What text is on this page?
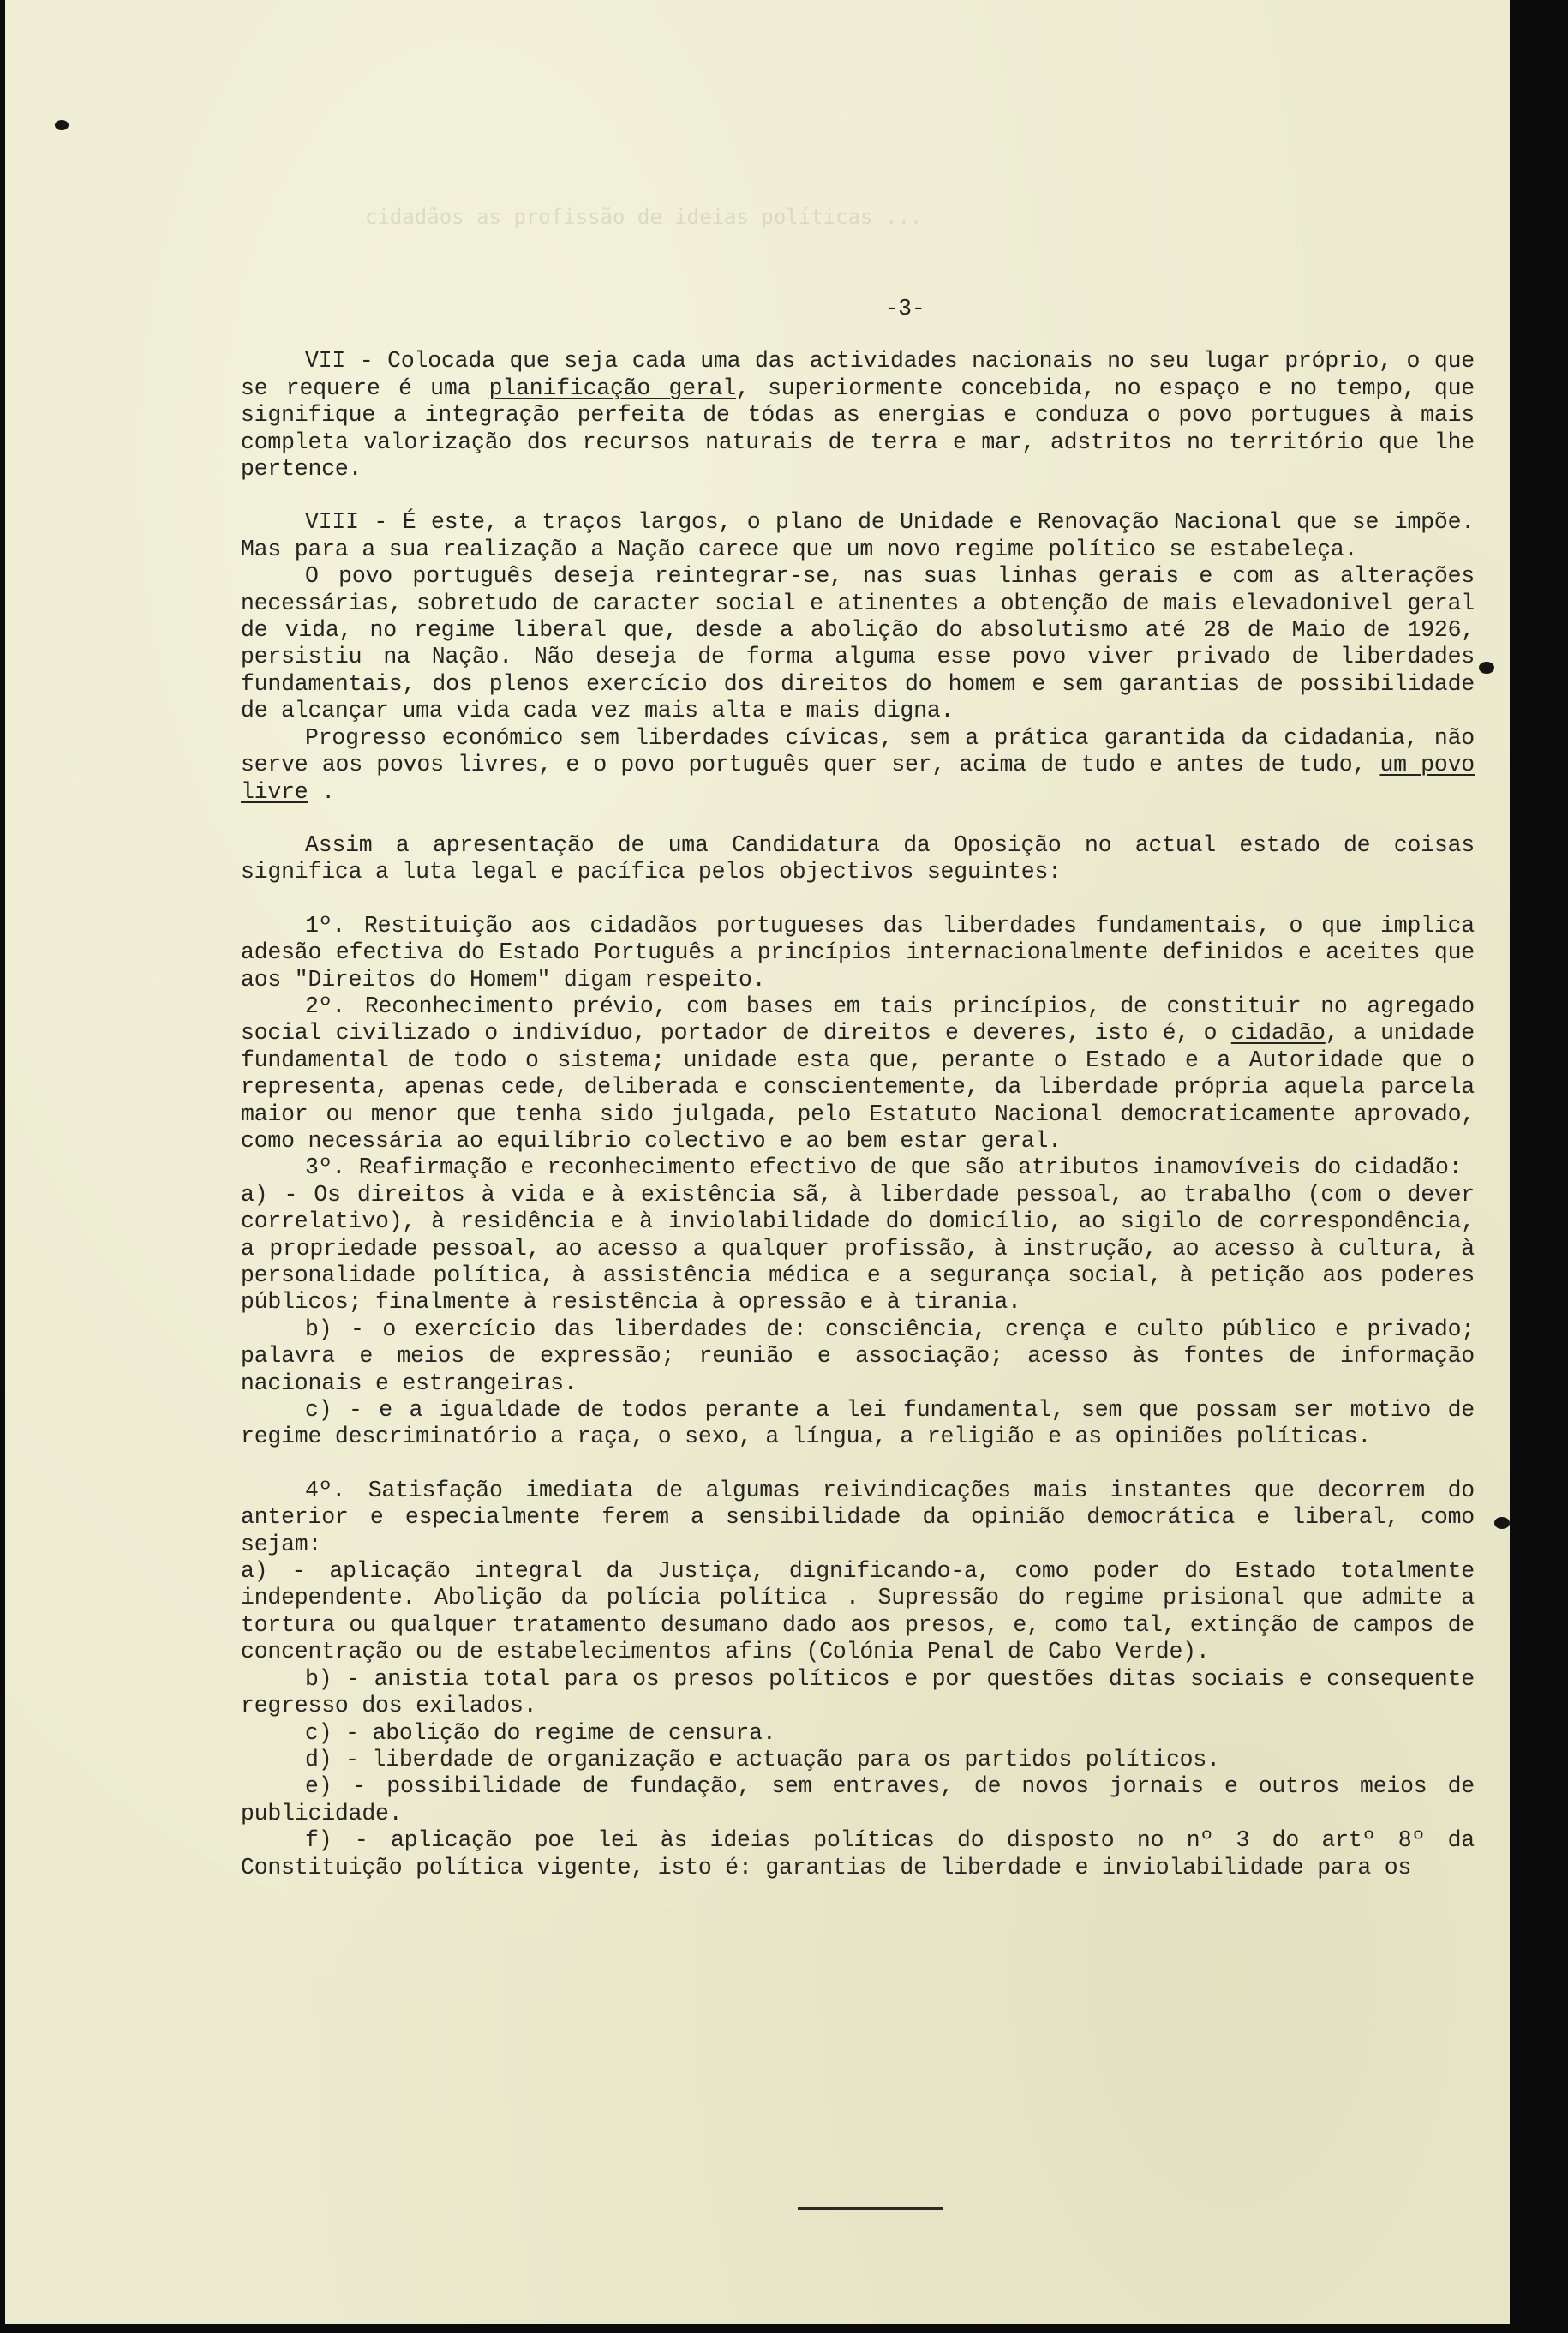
cidadãos as profissão de ideias políticas ...
-3-

VII - Colocada que seja cada uma das actividades nacionais no seu lugar próprio, o que se requere é uma planificação geral, superiormente concebida, no espaço e no tempo, que signifique a integração perfeita de tódas as energias e conduza o povo portugues à mais completa valorização dos recursos naturais de terra e mar, adstritos no território que lhe pertence.

VIII - É este, a traços largos, o plano de Unidade e Renovação Nacional que se impõe. Mas para a sua realização a Nação carece que um novo regime político se estabeleça.

O povo português deseja reintegrar-se, nas suas linhas gerais e com as alterações necessárias, sobretudo de caracter social e atinentes a obtenção de mais elevadonivel geral de vida, no regime liberal que, desde a abolição do absolutismo até 28 de Maio de 1926, persistiu na Nação. Não deseja de forma alguma esse povo viver privado de liberdades fundamentais, dos plenos exercício dos direitos do homem e sem garantias de possibilidade de alcançar uma vida cada vez mais alta e mais digna.

Progresso económico sem liberdades cívicas, sem a prática garantida da cidadania, não serve aos povos livres, e o povo português quer ser, acima de tudo e antes de tudo, um povo livre .

Assim a apresentação de uma Candidatura da Oposição no actual estado de coisas significa a luta legal e pacífica pelos objectivos seguintes:

1º. Restituição aos cidadãos portugueses das liberdades fundamentais, o que implica adesão efectiva do Estado Português a princípios internacionalmente definidos e aceites que aos "Direitos do Homem" digam respeito.

2º. Reconhecimento prévio, com bases em tais princípios, de constituir no agregado social civilizado o indivíduo, portador de direitos e deveres, isto é, o cidadão, a unidade fundamental de todo o sistema; unidade esta que, perante o Estado e a Autoridade que o representa, apenas cede, deliberada e conscientemente, da liberdade própria aquela parcela maior ou menor que tenha sido julgada, pelo Estatuto Nacional democraticamente aprovado, como necessária ao equilíbrio colectivo e ao bem estar geral.

3º. Reafirmação e reconhecimento efectivo de que são atributos inamovíveis do cidadão:

a) - Os direitos à vida e à existência sã, à liberdade pessoal, ao trabalho (com o dever correlativo), à residência e à inviolabilidade do domicílio, ao sigilo de correspondência, a propriedade pessoal, ao acesso a qualquer profissão, à instrução, ao acesso à cultura, à personalidade política, à assistência médica e a segurança social, à petição aos poderes públicos; finalmente à resistência à opressão e à tirania.

b) - o exercício das liberdades de: consciência, crença e culto público e privado; palavra e meios de expressão; reunião e associação; acesso às fontes de informação nacionais e estrangeiras.

c) - e a igualdade de todos perante a lei fundamental, sem que possam ser motivo de regime descriminatório a raça, o sexo, a língua, a religião e as opiniões políticas.

4º. Satisfação imediata de algumas reivindicações mais instantes que decorrem do anterior e especialmente ferem a sensibilidade da opinião democrática e liberal, como sejam:

a) - aplicação integral da Justiça, dignificando-a, como poder do Estado totalmente independente. Abolição da polícia política . Supressão do regime prisional que admite a tortura ou qualquer tratamento desumano dado aos presos, e, como tal, extinção de campos de concentração ou de estabelecimentos afins (Colónia Penal de Cabo Verde).

b) - anistia total para os presos políticos e por questões ditas sociais e consequente regresso dos exilados.

c) - abolição do regime de censura.

d) - liberdade de organização e actuação para os partidos políticos.

e) - possibilidade de fundação, sem entraves, de novos jornais e outros meios de publicidade.

f) - aplicação poe lei às ideias políticas do disposto no nº 3 do artº 8º da Constituição política vigente, isto é: garantias de liberdade e inviolabilidade para os
